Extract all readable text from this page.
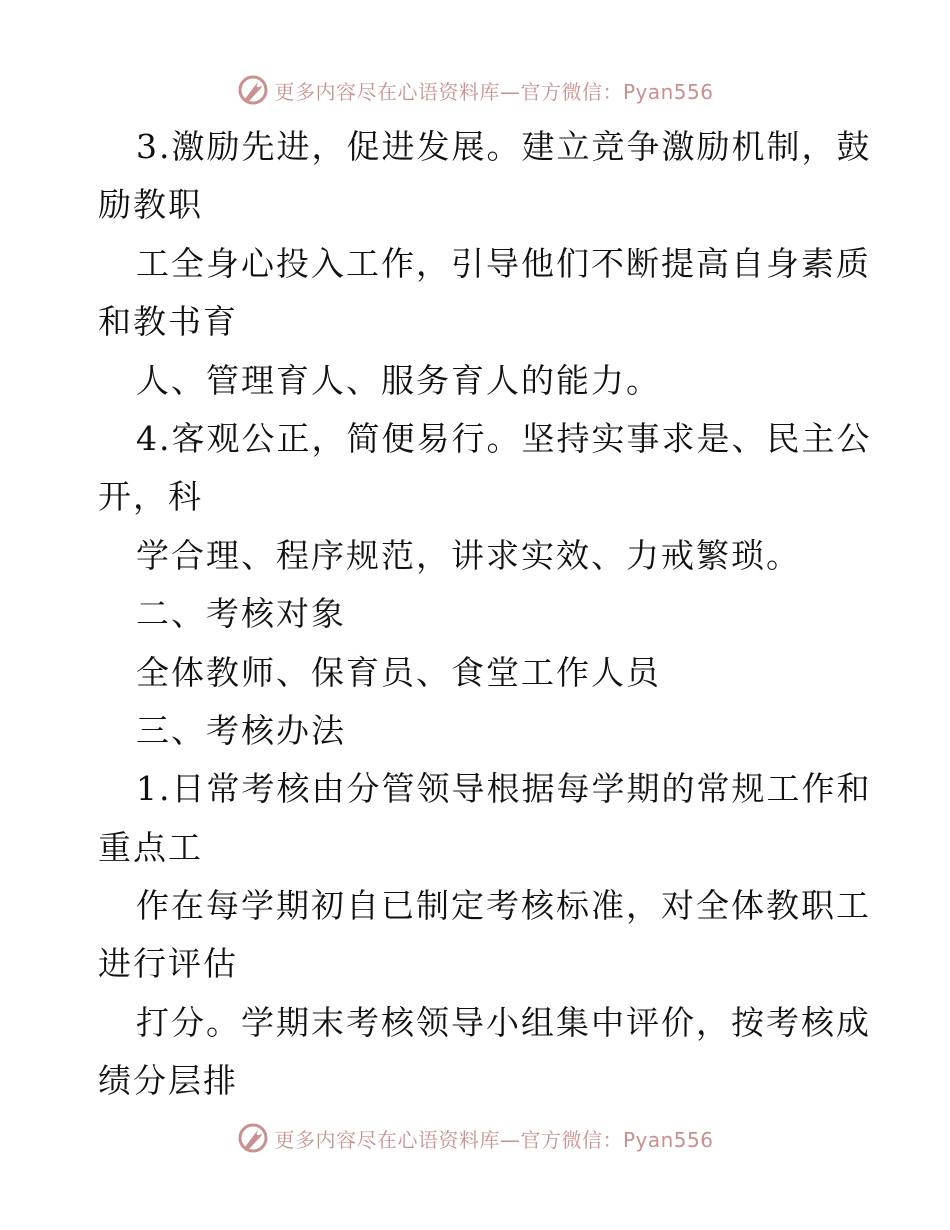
更多内容尽在心语资料库—官方微信：Pyan556
3.激励先进，促进发展。建立竞争激励机制，鼓
励教职
工全身心投入工作，引导他们不断提高自身素质
和教书育
人、管理育人、服务育人的能力。
4.客观公正，简便易行。坚持实事求是、民主公
开，科
学合理、程序规范，讲求实效、力戒繁琐。
二、考核对象
全体教师、保育员、食堂工作人员
三、考核办法
1.日常考核由分管领导根据每学期的常规工作和
重点工
作在每学期初自已制定考核标准，对全体教职工
进行评估
打分。学期末考核领导小组集中评价，按考核成
绩分层排
更多内容尽在心语资料库—官方微信：Pyan556
